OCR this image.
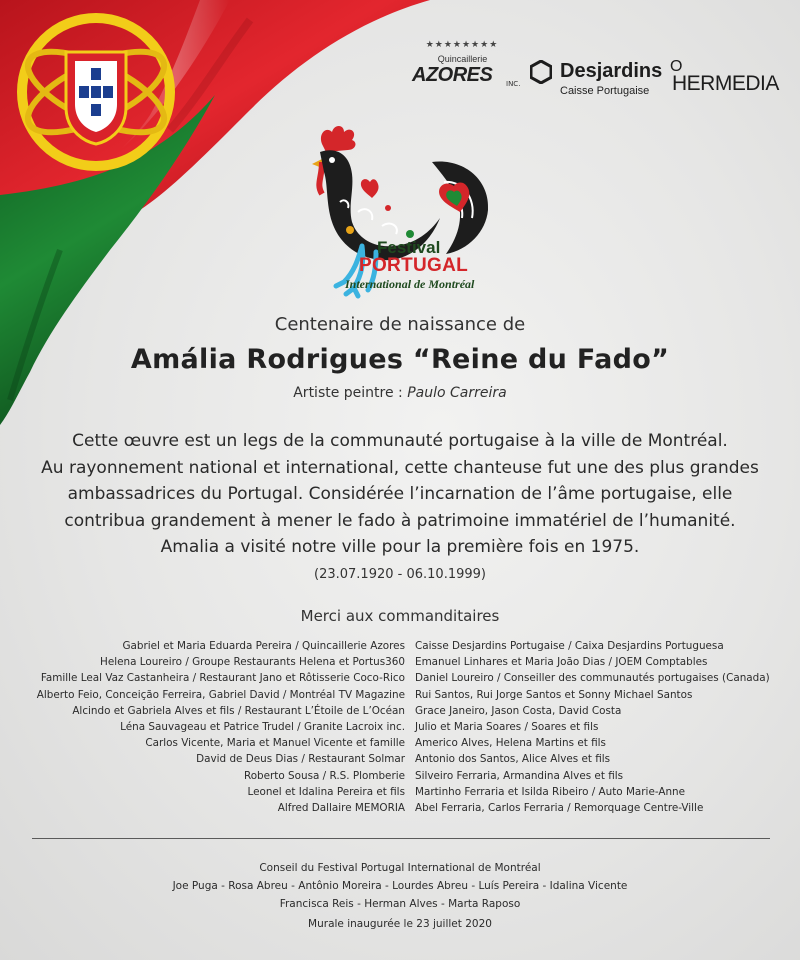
★★★★★★★★
Quincaillerie
AZORES INC.
Desjardins
Caisse Portugaise
O
HERMEDIA
Festival
PORTUGAL
International de Montréal
Centenaire de naissance de
Amália Rodrigues “Reine du Fado”
Artiste peintre : Paulo Carreira
Cette œuvre est un legs de la communauté portugaise à la ville de Montréal.
Au rayonnement national et international, cette chanteuse fut une des plus grandes
ambassadrices du Portugal. Considérée l’incarnation de l’âme portugaise, elle
contribua grandement à mener le fado à patrimoine immatériel de l’humanité.
Amalia a visité notre ville pour la première fois en 1975.
(23.07.1920 - 06.10.1999)
Merci aux commanditaires
Gabriel et Maria Eduarda Pereira / Quincaillerie Azores
Helena Loureiro / Groupe Restaurants Helena et Portus360
Famille Leal Vaz Castanheira / Restaurant Jano et Rôtisserie Coco-Rico
Alberto Feio, Conceição Ferreira, Gabriel David / Montréal TV Magazine
Alcindo et Gabriela Alves et fils / Restaurant L’Étoile de L’Océan
Léna Sauvageau et Patrice Trudel / Granite Lacroix inc.
Carlos Vicente, Maria et Manuel Vicente et famille
David de Deus Dias / Restaurant Solmar
Roberto Sousa / R.S. Plomberie
Leonel et Idalina Pereira et fils
Alfred Dallaire MEMORIA
Caisse Desjardins Portugaise / Caixa Desjardins Portuguesa
Emanuel Linhares et Maria João Dias / JOEM Comptables
Daniel Loureiro / Conseiller des communautés portugaises (Canada)
Rui Santos, Rui Jorge Santos et Sonny Michael Santos
Grace Janeiro, Jason Costa, David Costa
Julio et Maria Soares / Soares et fils
Americo Alves, Helena Martins et fils
Antonio dos Santos, Alice Alves et fils
Silveiro Ferraria, Armandina Alves et fils
Martinho Ferraria et Isilda Ribeiro / Auto Marie-Anne
Abel Ferraria, Carlos Ferraria / Remorquage Centre-Ville
Conseil du Festival Portugal International de Montréal
Joe Puga - Rosa Abreu - Antônio Moreira - Lourdes Abreu - Luís Pereira - Idalina Vicente
Francisca Reis - Herman Alves - Marta Raposo
Murale inaugurée le 23 juillet 2020
